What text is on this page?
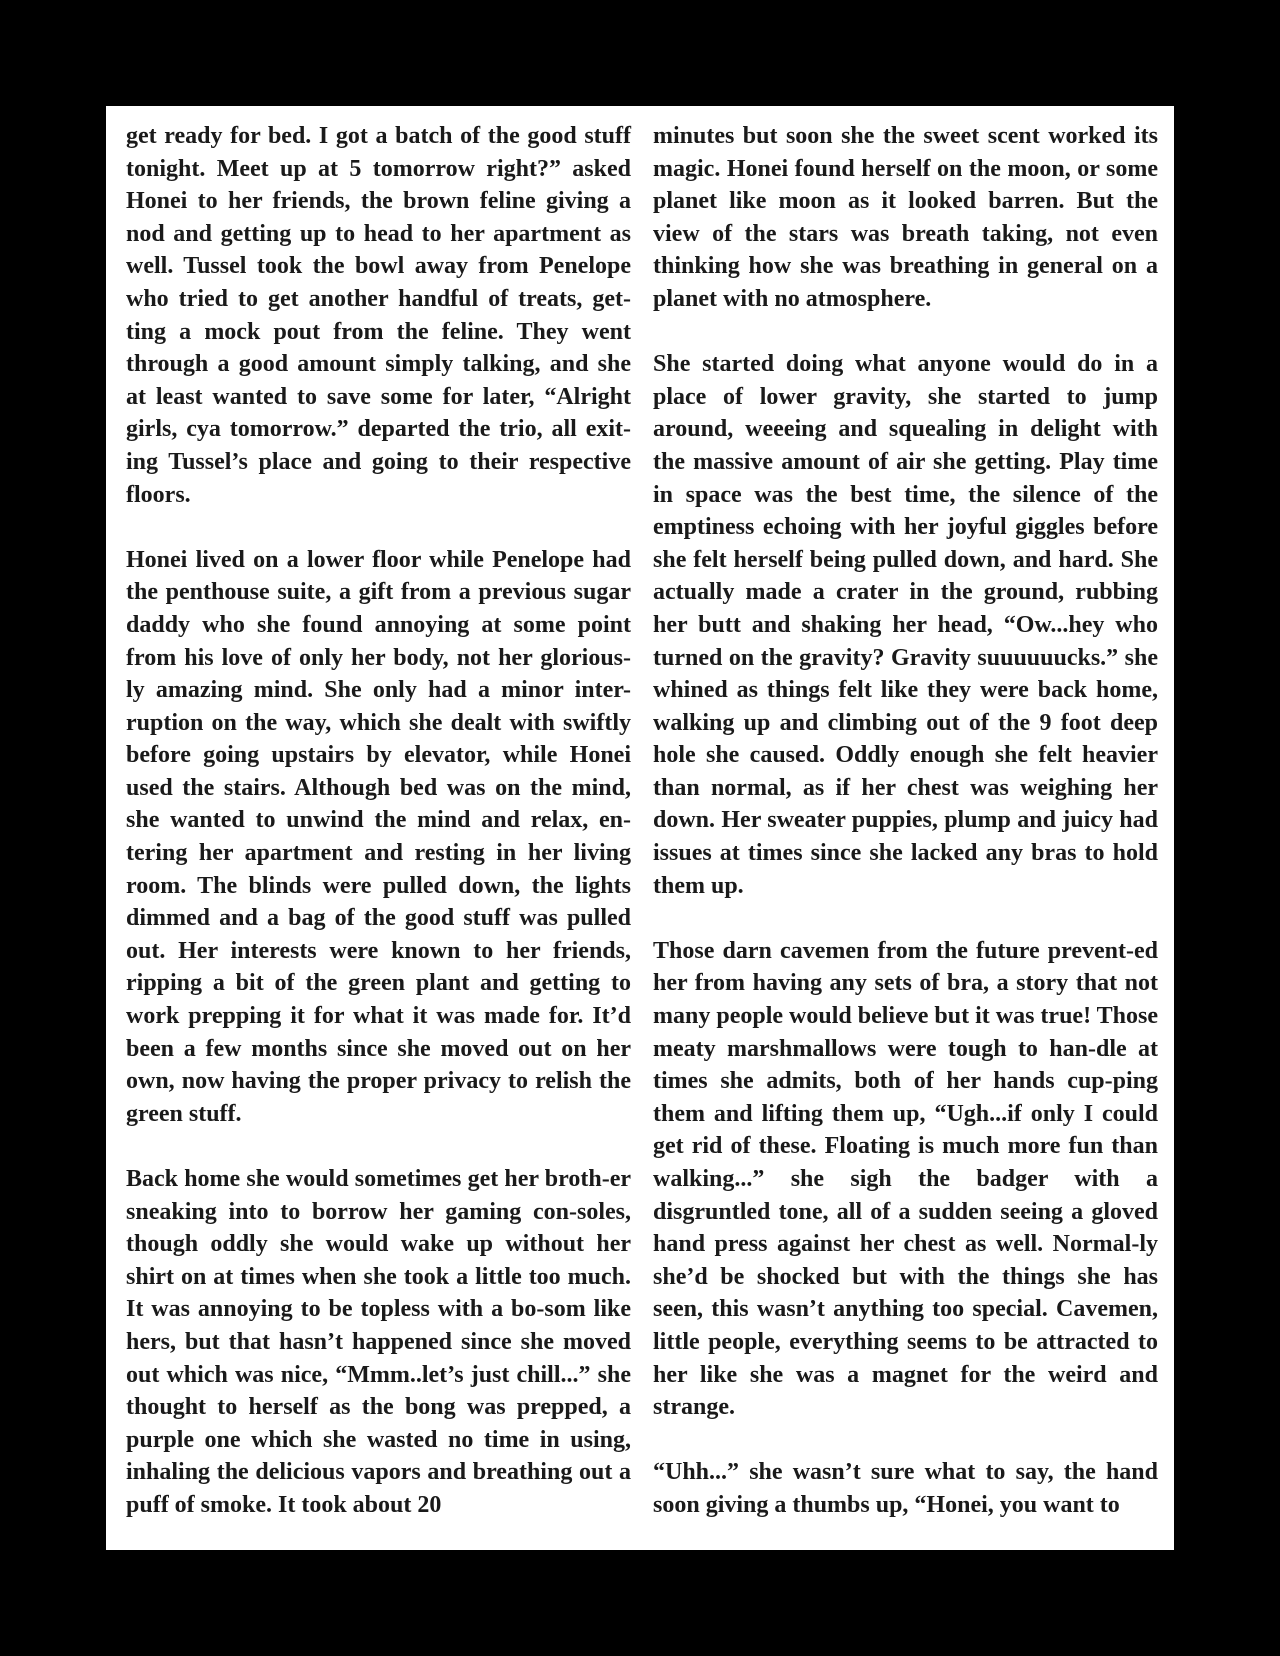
get ready for bed. I got a batch of the good stuff tonight. Meet up at 5 tomorrow right?” asked Honei to her friends, the brown feline giving a nod and getting up to head to her apartment as well. Tussel took the bowl away from Penelope who tried to get another handful of treats, get-ting a mock pout from the feline. They went through a good amount simply talking, and she at least wanted to save some for later, “Alright girls, cya tomorrow.” departed the trio, all exit-ing Tussel’s place and going to their respective floors.

Honei lived on a lower floor while Penelope had the penthouse suite, a gift from a previous sugar daddy who she found annoying at some point from his love of only her body, not her glorious-ly amazing mind. She only had a minor inter-ruption on the way, which she dealt with swiftly before going upstairs by elevator, while Honei used the stairs. Although bed was on the mind, she wanted to unwind the mind and relax, en-tering her apartment and resting in her living room. The blinds were pulled down, the lights dimmed and a bag of the good stuff was pulled out. Her interests were known to her friends, ripping a bit of the green plant and getting to work prepping it for what it was made for. It’d been a few months since she moved out on her own, now having the proper privacy to relish the green stuff.

Back home she would sometimes get her broth-er sneaking into to borrow her gaming con-soles, though oddly she would wake up without her shirt on at times when she took a little too much. It was annoying to be topless with a bo-som like hers, but that hasn’t happened since she moved out which was nice, “Mmm..let’s just chill...” she thought to herself as the bong was prepped, a purple one which she wasted no time in using, inhaling the delicious vapors and breathing out a puff of smoke. It took about 20

minutes but soon she the sweet scent worked its magic. Honei found herself on the moon, or some planet like moon as it looked barren. But the view of the stars was breath taking, not even thinking how she was breathing in general on a planet with no atmosphere.

She started doing what anyone would do in a place of lower gravity, she started to jump around, weeeing and squealing in delight with the massive amount of air she getting. Play time in space was the best time, the silence of the emptiness echoing with her joyful giggles before she felt herself being pulled down, and hard. She actually made a crater in the ground, rubbing her butt and shaking her head, “Ow...hey who turned on the gravity? Gravity suuuuuucks.” she whined as things felt like they were back home, walking up and climbing out of the 9 foot deep hole she caused. Oddly enough she felt heavier than normal, as if her chest was weighing her down. Her sweater puppies, plump and juicy had issues at times since she lacked any bras to hold them up.

Those darn cavemen from the future prevent-ed her from having any sets of bra, a story that not many people would believe but it was true! Those meaty marshmallows were tough to han-dle at times she admits, both of her hands cup-ping them and lifting them up, “Ugh...if only I could get rid of these. Floating is much more fun than walking...” she sigh the badger with a disgruntled tone, all of a sudden seeing a gloved hand press against her chest as well. Normal-ly she’d be shocked but with the things she has seen, this wasn’t anything too special. Cavemen, little people, everything seems to be attracted to her like she was a magnet for the weird and strange.

“Uhh...” she wasn’t sure what to say, the hand soon giving a thumbs up, “Honei, you want to
